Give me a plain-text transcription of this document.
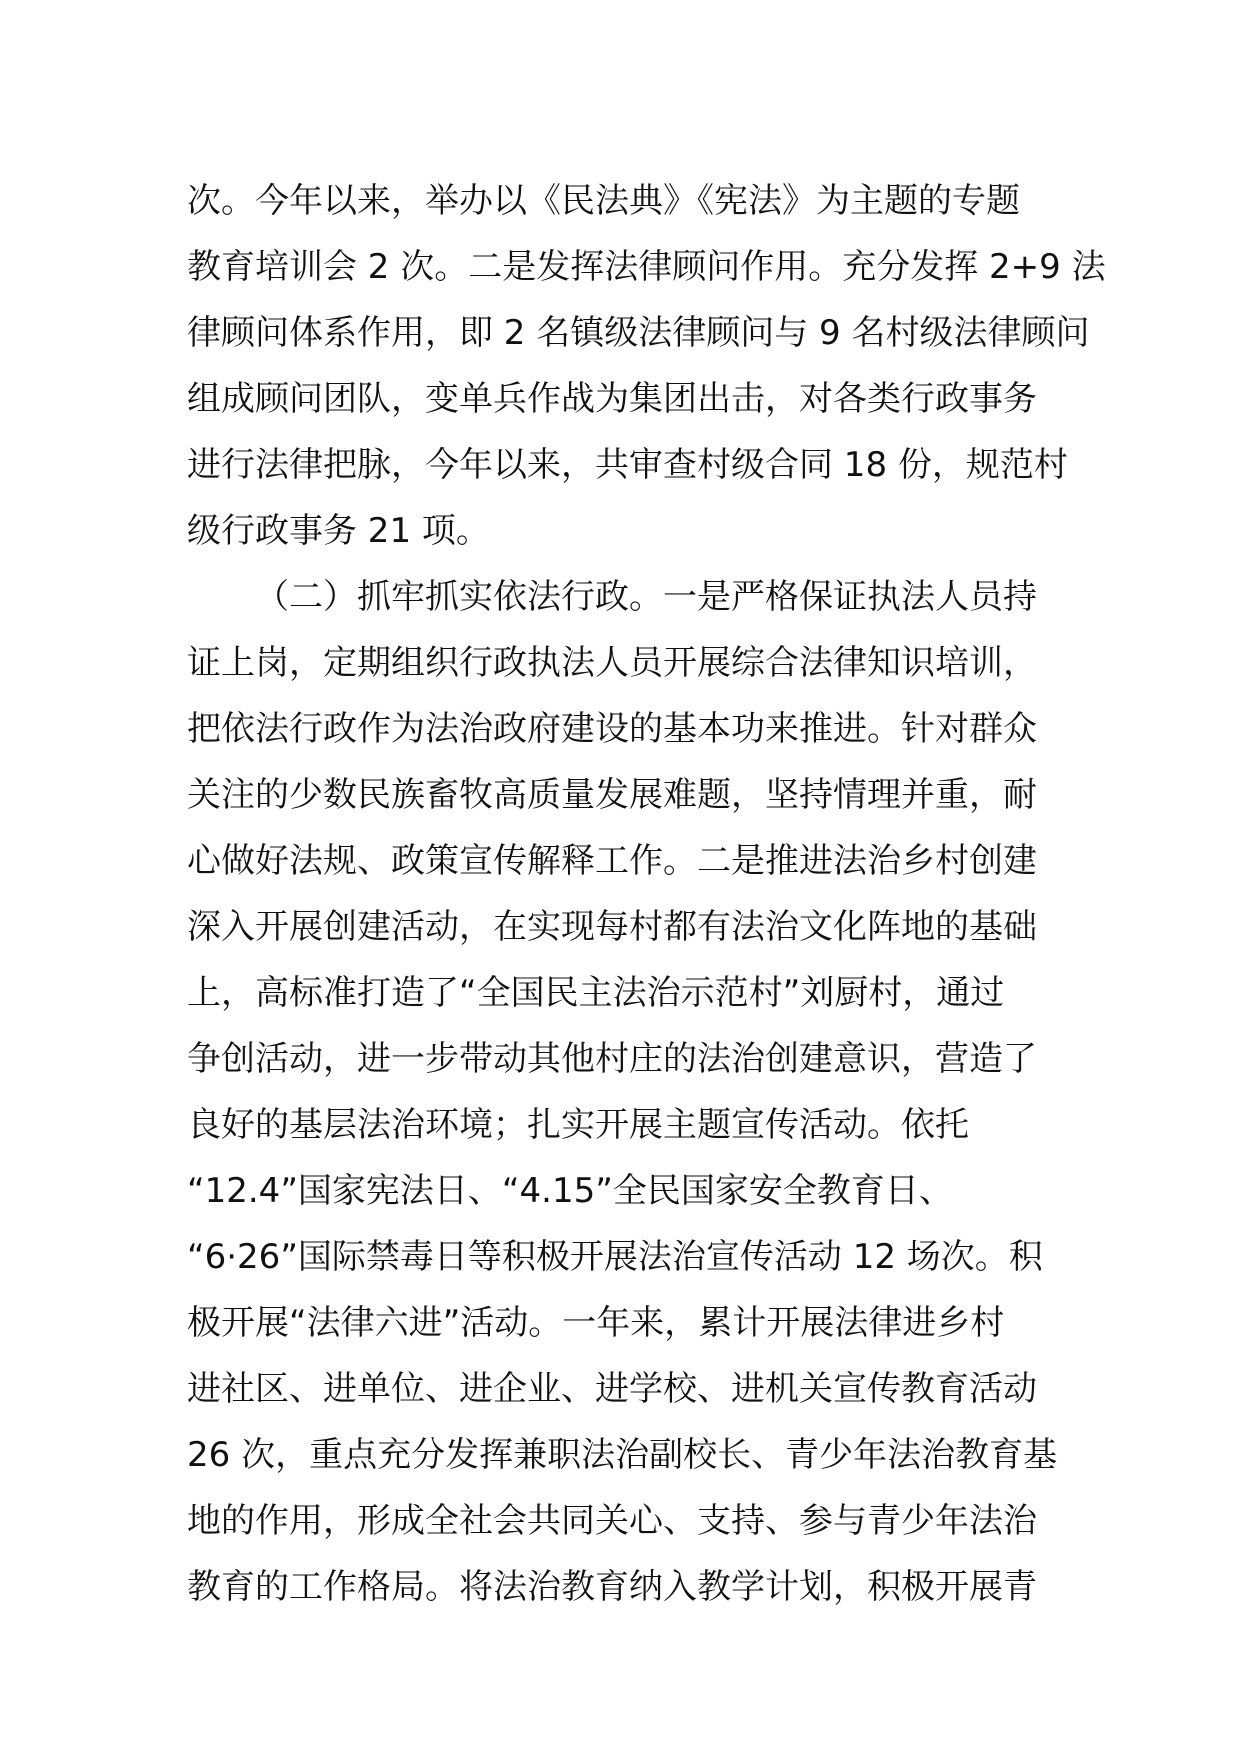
次。今年以来，举办以《民法典》《宪法》为主题的专题
教育培训会 2 次。二是发挥法律顾问作用。充分发挥 2+9 法
律顾问体系作用，即 2 名镇级法律顾问与 9 名村级法律顾问
组成顾问团队，变单兵作战为集团出击，对各类行政事务
进行法律把脉，今年以来，共审查村级合同 18 份，规范村
级行政事务 21 项。
（二）抓牢抓实依法行政。一是严格保证执法人员持
证上岗，定期组织行政执法人员开展综合法律知识培训，
把依法行政作为法治政府建设的基本功来推进。针对群众
关注的少数民族畜牧高质量发展难题，坚持情理并重，耐
心做好法规、政策宣传解释工作。二是推进法治乡村创建
深入开展创建活动，在实现每村都有法治文化阵地的基础
上，高标准打造了“全国民主法治示范村”刘厨村，通过
争创活动，进一步带动其他村庄的法治创建意识，营造了
良好的基层法治环境；扎实开展主题宣传活动。依托
“12.4”国家宪法日、“4.15”全民国家安全教育日、
“6·26”国际禁毒日等积极开展法治宣传活动 12 场次。积
极开展“法律六进”活动。一年来，累计开展法律进乡村
进社区、进单位、进企业、进学校、进机关宣传教育活动
26 次，重点充分发挥兼职法治副校长、青少年法治教育基
地的作用，形成全社会共同关心、支持、参与青少年法治
教育的工作格局。将法治教育纳入教学计划，积极开展青
